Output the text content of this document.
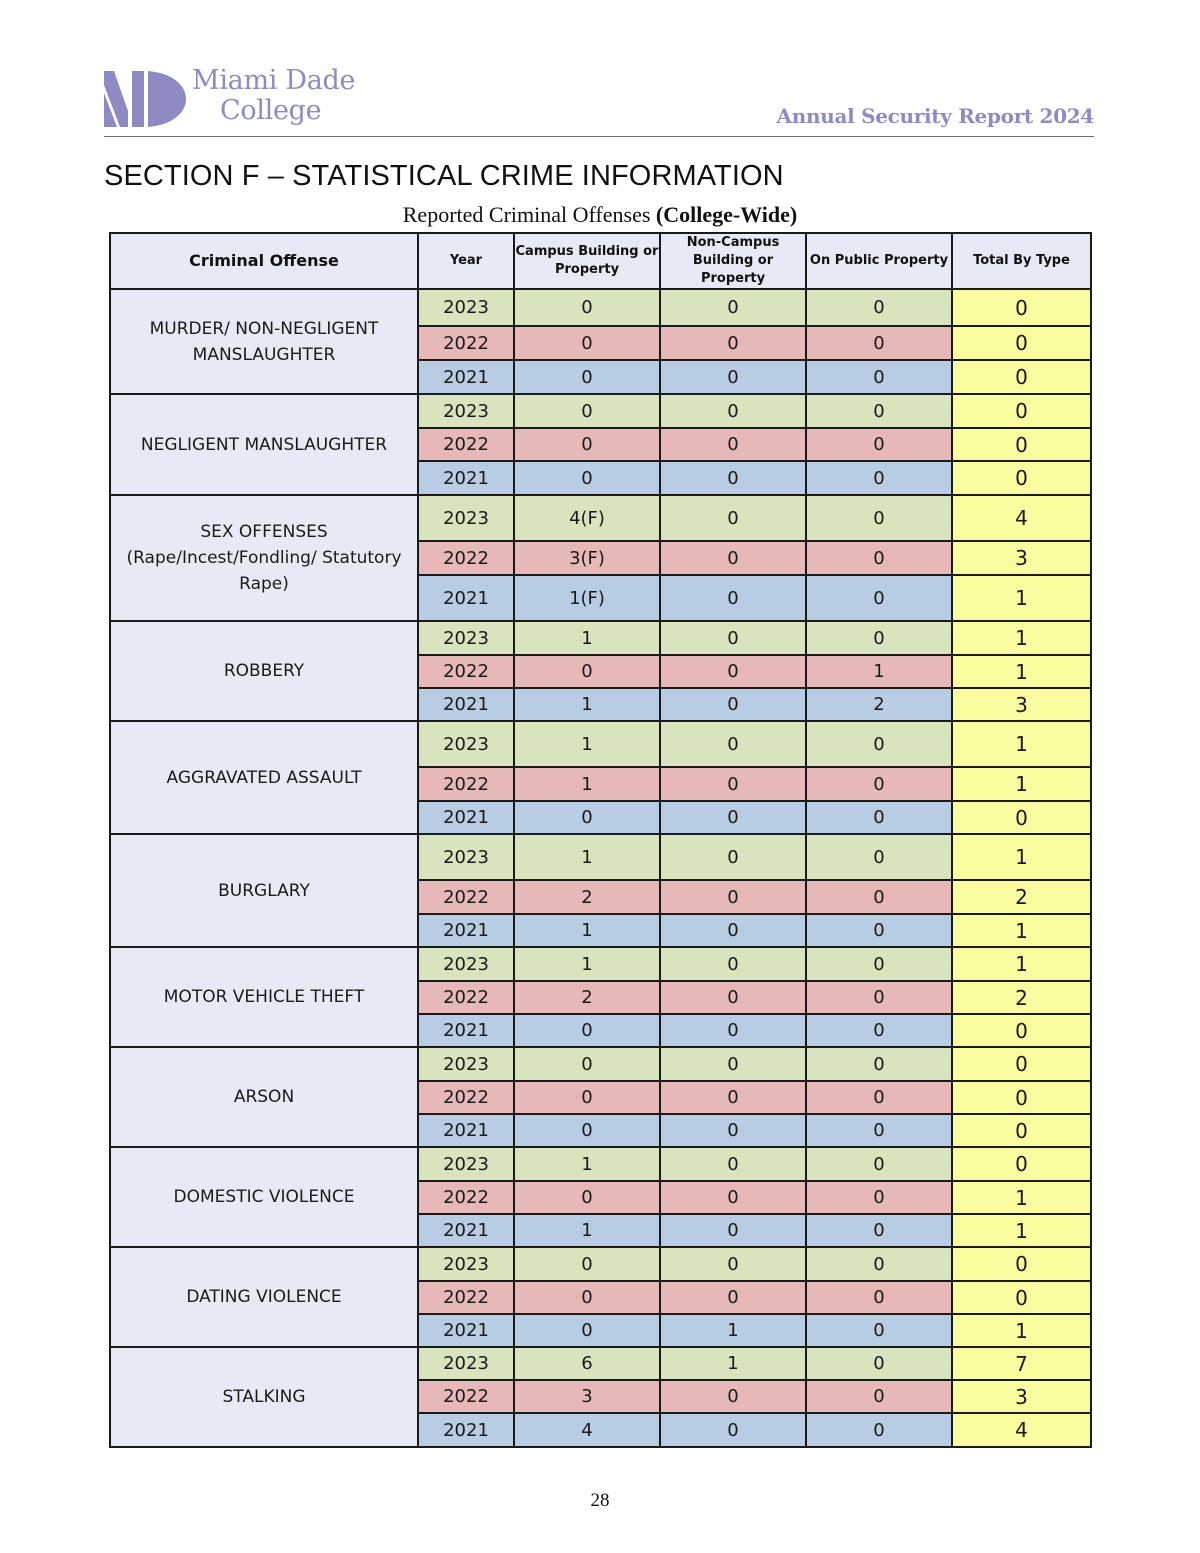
Miami Dade
College	Annual Security Report 2024
SECTION F – STATISTICAL CRIME INFORMATION
Reported Criminal Offenses (College-Wide)
Criminal Offense	Year	Campus Building or Property	Non-Campus Building or Property	On Public Property	Total By Type
MURDER/ NON-NEGLIGENT MANSLAUGHTER	2023	0	0	0	0
	2022	0	0	0	0
	2021	0	0	0	0
NEGLIGENT MANSLAUGHTER	2023	0	0	0	0
	2022	0	0	0	0
	2021	0	0	0	0
SEX OFFENSES (Rape/Incest/Fondling/ Statutory Rape)	2023	4(F)	0	0	4
	2022	3(F)	0	0	3
	2021	1(F)	0	0	1
ROBBERY	2023	1	0	0	1
	2022	0	0	1	1
	2021	1	0	2	3
AGGRAVATED ASSAULT	2023	1	0	0	1
	2022	1	0	0	1
	2021	0	0	0	0
BURGLARY	2023	1	0	0	1
	2022	2	0	0	2
	2021	1	0	0	1
MOTOR VEHICLE THEFT	2023	1	0	0	1
	2022	2	0	0	2
	2021	0	0	0	0
ARSON	2023	0	0	0	0
	2022	0	0	0	0
	2021	0	0	0	0
DOMESTIC VIOLENCE	2023	1	0	0	0
	2022	0	0	0	1
	2021	1	0	0	1
DATING VIOLENCE	2023	0	0	0	0
	2022	0	0	0	0
	2021	0	1	0	1
STALKING	2023	6	1	0	7
	2022	3	0	0	3
	2021	4	0	0	4
28
